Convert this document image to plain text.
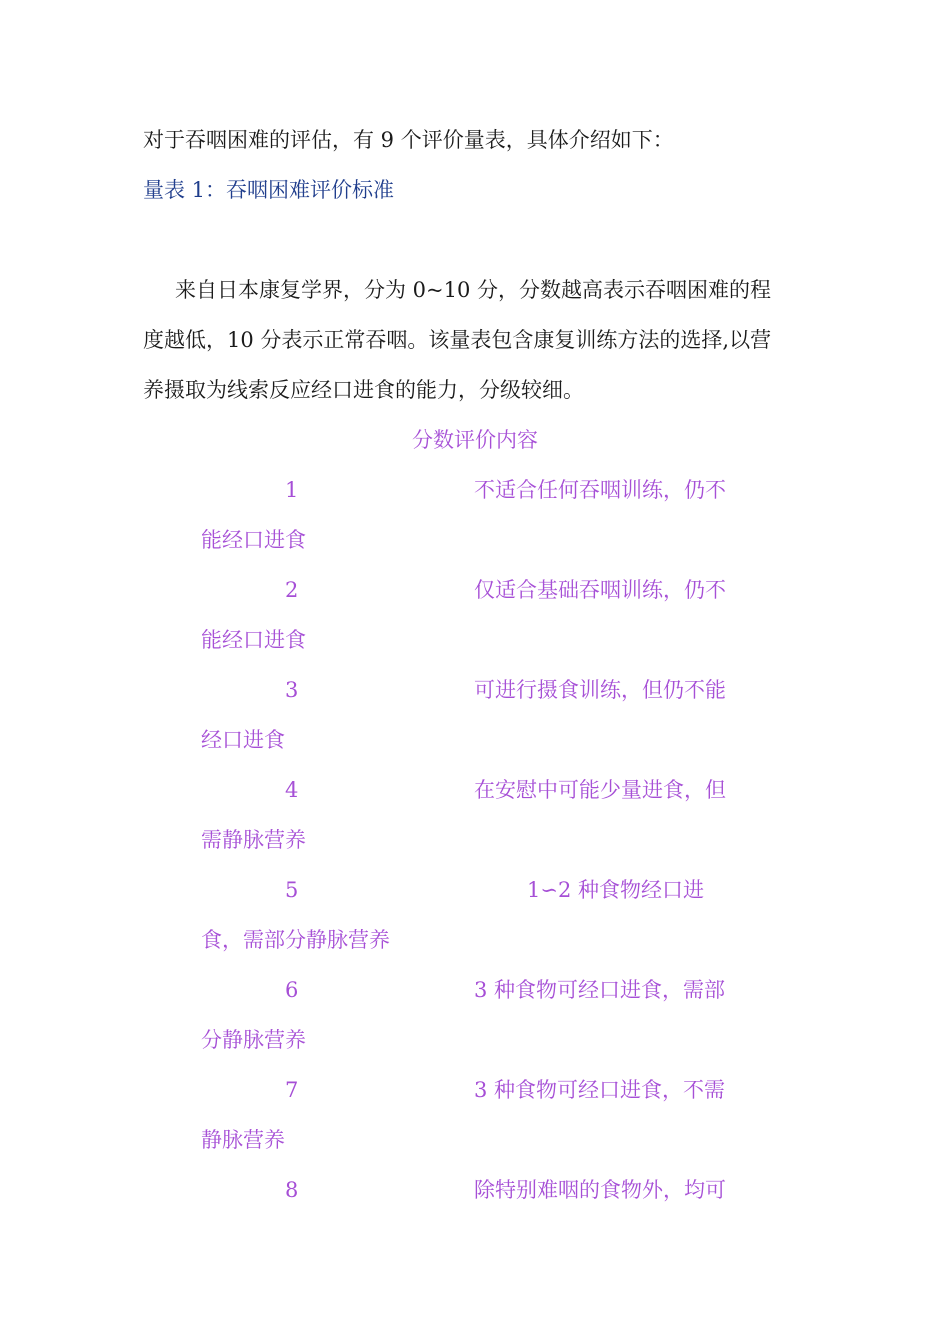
对于吞咽困难的评估，有 9 个评价量表，具体介绍如下：
量表 1：吞咽困难评价标准
来自日本康复学界，分为 0~10 分，分数越高表示吞咽困难的程
度越低，10 分表示正常吞咽。该量表包含康复训练方法的选择,以营
养摄取为线索反应经口进食的能力，分级较细。
分数评价内容
1	不适合任何吞咽训练，仍不
能经口进食
2	仅适合基础吞咽训练，仍不
能经口进食
3	可进行摄食训练，但仍不能
经口进食
4	在安慰中可能少量进食，但
需静脉营养
5	1∽2 种食物经口进
食，需部分静脉营养
6	3 种食物可经口进食，需部
分静脉营养
7	3 种食物可经口进食，不需
静脉营养
8	除特别难咽的食物外，均可
